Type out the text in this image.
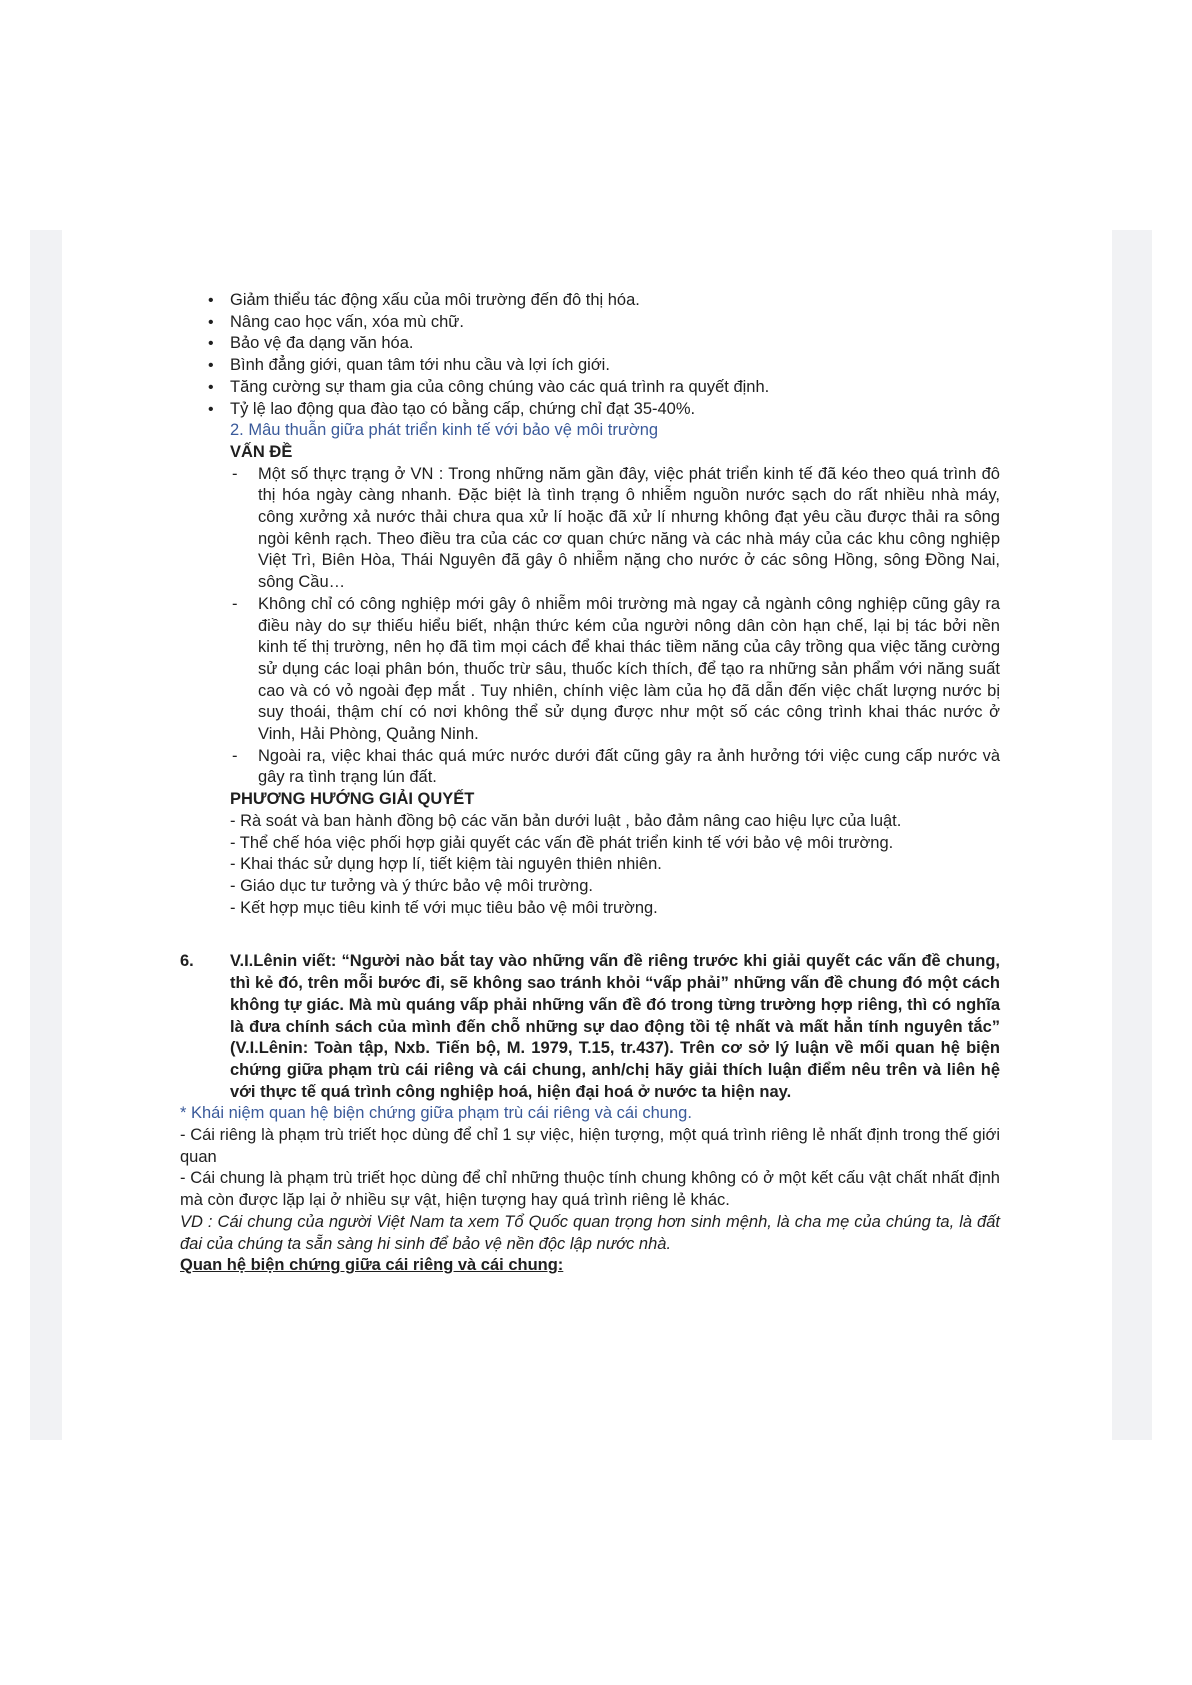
• Giảm thiểu tác động xấu của môi trường đến đô thị hóa.
• Nâng cao học vấn, xóa mù chữ.
• Bảo vệ đa dạng văn hóa.
• Bình đẳng giới, quan tâm tới nhu cầu và lợi ích giới.
• Tăng cường sự tham gia của công chúng vào các quá trình ra quyết định.
• Tỷ lệ lao động qua đào tạo có bằng cấp, chứng chỉ đạt 35-40%.
2. Mâu thuẫn giữa phát triển kinh tế với bảo vệ môi trường
VẤN ĐỀ
- Một số thực trạng ở VN : Trong những năm gần đây, việc phát triển kinh tế đã kéo theo quá trình đô thị hóa ngày càng nhanh. Đặc biệt là tình trạng ô nhiễm nguồn nước sạch do rất nhiều nhà máy, công xưởng xả nước thải chưa qua xử lí hoặc đã xử lí nhưng không đạt yêu cầu được thải ra sông ngòi kênh rạch. Theo điều tra của các cơ quan chức năng và các nhà máy của các khu công nghiệp Việt Trì, Biên Hòa, Thái Nguyên đã gây ô nhiễm nặng cho nước ở các sông Hồng, sông Đồng Nai, sông Cầu…
- Không chỉ có công nghiệp mới gây ô nhiễm môi trường mà ngay cả ngành công nghiệp cũng gây ra điều này do sự thiếu hiểu biết, nhận thức kém của người nông dân còn hạn chế, lại bị tác bởi nền kinh tế thị trường, nên họ đã tìm mọi cách để khai thác tiềm năng của cây trồng qua việc tăng cường sử dụng các loại phân bón, thuốc trừ sâu, thuốc kích thích, để tạo ra những sản phẩm với năng suất cao và có vỏ ngoài đẹp mắt . Tuy nhiên, chính việc làm của họ đã dẫn đến việc chất lượng nước bị suy thoái, thậm chí có nơi không thể sử dụng được như một số các công trình khai thác nước ở Vinh, Hải Phòng, Quảng Ninh.
- Ngoài ra, việc khai thác quá mức nước dưới đất cũng gây ra ảnh hưởng tới việc cung cấp nước và gây ra tình trạng lún đất.
PHƯƠNG HƯỚNG GIẢI QUYẾT
- Rà soát và ban hành đồng bộ các văn bản dưới luật , bảo đảm nâng cao hiệu lực của luật.
- Thể chế hóa việc phối hợp giải quyết các vấn đề phát triển kinh tế với bảo vệ môi trường.
- Khai thác sử dụng hợp lí, tiết kiệm tài nguyên thiên nhiên.
- Giáo dục tư tưởng và ý thức bảo vệ môi trường.
- Kết hợp mục tiêu kinh tế với mục tiêu bảo vệ môi trường.
6. V.I.Lênin viết: “Người nào bắt tay vào những vấn đề riêng trước khi giải quyết các vấn đề chung, thì kẻ đó, trên mỗi bước đi, sẽ không sao tránh khỏi “vấp phải” những vấn đề chung đó một cách không tự giác. Mà mù quáng vấp phải những vấn đề đó trong từng trường hợp riêng, thì có nghĩa là đưa chính sách của mình đến chỗ những sự dao động tồi tệ nhất và mất hẳn tính nguyên tắc” (V.I.Lênin: Toàn tập, Nxb. Tiến bộ, M. 1979, T.15, tr.437). Trên cơ sở lý luận về mối quan hệ biện chứng giữa phạm trù cái riêng và cái chung, anh/chị hãy giải thích luận điểm nêu trên và liên hệ với thực tế quá trình công nghiệp hoá, hiện đại hoá ở nước ta hiện nay.
* Khái niệm quan hệ biện chứng giữa phạm trù cái riêng và cái chung.
- Cái riêng là phạm trù triết học dùng để chỉ 1 sự việc, hiện tượng, một quá trình riêng lẻ nhất định trong thế giới quan
- Cái chung là phạm trù triết học dùng để chỉ những thuộc tính chung không có ở một kết cấu vật chất nhất định mà còn được lặp lại ở nhiều sự vật, hiện tượng hay quá trình riêng lẻ khác.
VD : Cái chung của người Việt Nam ta xem Tổ Quốc quan trọng hơn sinh mệnh, là cha mẹ của chúng ta, là đất đai của chúng ta sẵn sàng hi sinh để bảo vệ nền độc lập nước nhà.
Quan hệ biện chứng giữa cái riêng và cái chung:
